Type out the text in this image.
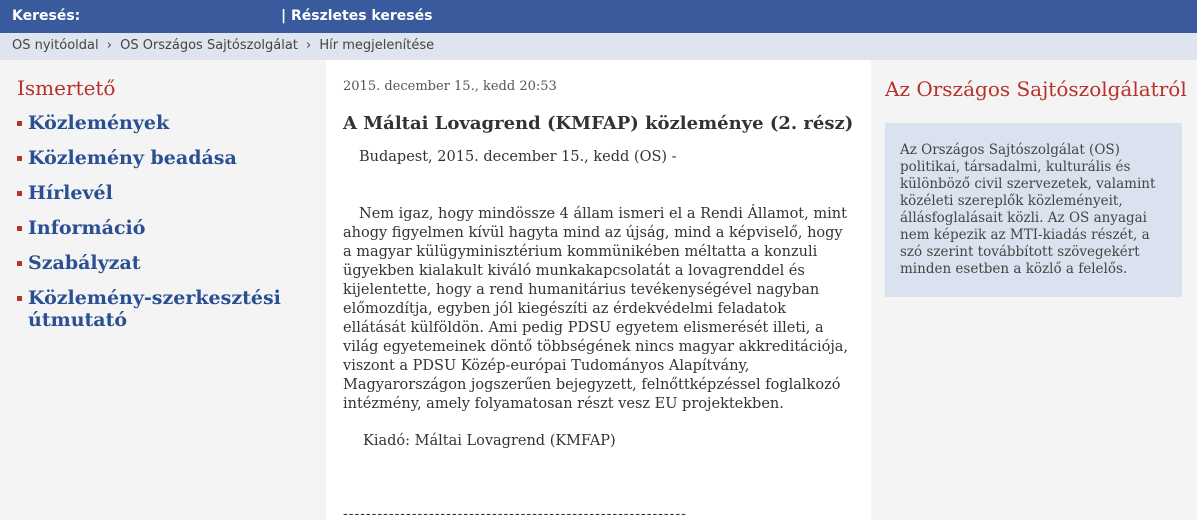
Keresés:	| Részletes keresés
OS nyitóoldal › OS Országos Sajtószolgálat › Hír megjelenítése
Ismertető
Közlemények
Közlemény beadása
Hírlevél
Információ
Szabályzat
Közlemény-szerkesztési útmutató
2015. december 15., kedd 20:53
A Máltai Lovagrend (KMFAP) közleménye (2. rész)
Budapest, 2015. december 15., kedd (OS) -
Nem igaz, hogy mindössze 4 állam ismeri el a Rendi Államot, mint ahogy figyelmen kívül hagyta mind az újság, mind a képviselő, hogy a magyar külügyminisztérium kommünikében méltatta a konzuli ügyekben kialakult kiváló munkakapcsolatát a lovagrenddel és kijelentette, hogy a rend humanitárius tevékenységével nagyban előmozdítja, egyben jól kiegészíti az érdekvédelmi feladatok ellátását külföldön. Ami pedig PDSU egyetem elismerését illeti, a világ egyetemeinek döntő többségének nincs magyar akkreditációja, viszont a PDSU Közép-európai Tudományos Alapítvány, Magyarországon jogszerűen bejegyzett, felnőttképzéssel foglalkozó intézmény, amely folyamatosan részt vesz EU projektekben.
Kiadó: Máltai Lovagrend (KMFAP)
------------------------------------------------------------
Az Országos Sajtószolgálatról
Az Országos Sajtószolgálat (OS) politikai, társadalmi, kulturális és különböző civil szervezetek, valamint közéleti szereplők közleményeit, állásfoglalásait közli. Az OS anyagai nem képezik az MTI-kiadás részét, a szó szerint továbbított szövegekért minden esetben a közlő a felelős.
